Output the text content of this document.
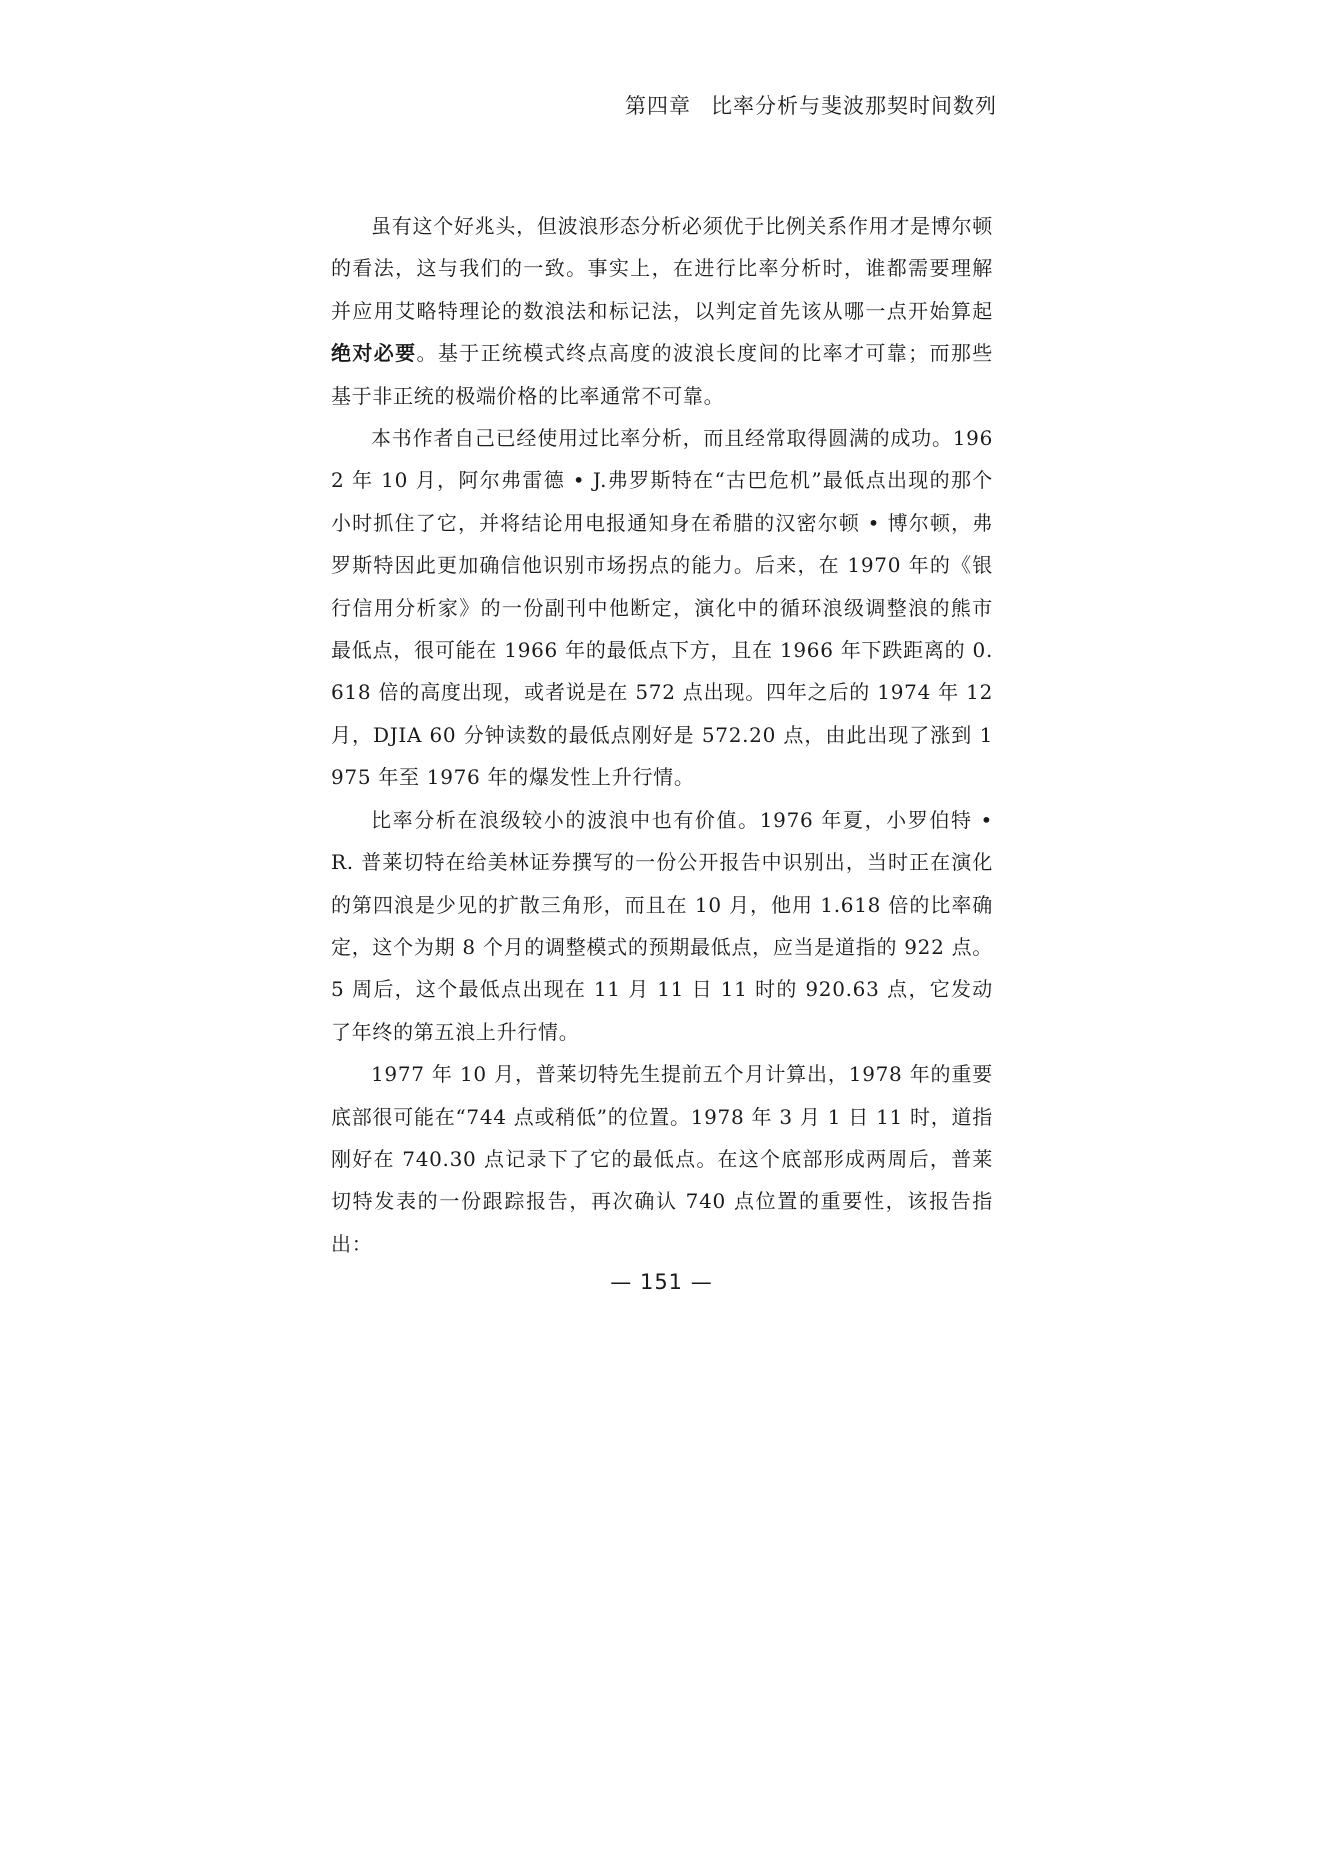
第四章 比率分析与斐波那契时间数列

虽有这个好兆头，但波浪形态分析必须优于比例关系作用才是博尔顿的看法，这与我们的一致。事实上，在进行比率分析时，谁都需要理解并应用艾略特理论的数浪法和标记法，以判定首先该从哪一点开始算起绝对必要。基于正统模式终点高度的波浪长度间的比率才可靠；而那些基于非正统的极端价格的比率通常不可靠。

本书作者自己已经使用过比率分析，而且经常取得圆满的成功。1962 年 10 月，阿尔弗雷德 • J.弗罗斯特在“古巴危机”最低点出现的那个小时抓住了它，并将结论用电报通知身在希腊的汉密尔顿 • 博尔顿，弗罗斯特因此更加确信他识别市场拐点的能力。后来，在 1970 年的《银行信用分析家》的一份副刊中他断定，演化中的循环浪级调整浪的熊市最低点，很可能在 1966 年的最低点下方，且在 1966 年下跌距离的 0.618 倍的高度出现，或者说是在 572 点出现。四年之后的 1974 年 12 月，DJIA 60 分钟读数的最低点刚好是 572.20 点，由此出现了涨到 1975 年至 1976 年的爆发性上升行情。

比率分析在浪级较小的波浪中也有价值。1976 年夏，小罗伯特 • R. 普莱切特在给美林证券撰写的一份公开报告中识别出，当时正在演化的第四浪是少见的扩散三角形，而且在 10 月，他用 1.618 倍的比率确定，这个为期 8 个月的调整模式的预期最低点，应当是道指的 922 点。5 周后，这个最低点出现在 11 月 11 日 11 时的 920.63 点，它发动了年终的第五浪上升行情。

1977 年 10 月，普莱切特先生提前五个月计算出，1978 年的重要底部很可能在“744 点或稍低”的位置。1978 年 3 月 1 日 11 时，道指刚好在 740.30 点记录下了它的最低点。在这个底部形成两周后，普莱切特发表的一份跟踪报告，再次确认 740 点位置的重要性，该报告指出：

— 151 —
